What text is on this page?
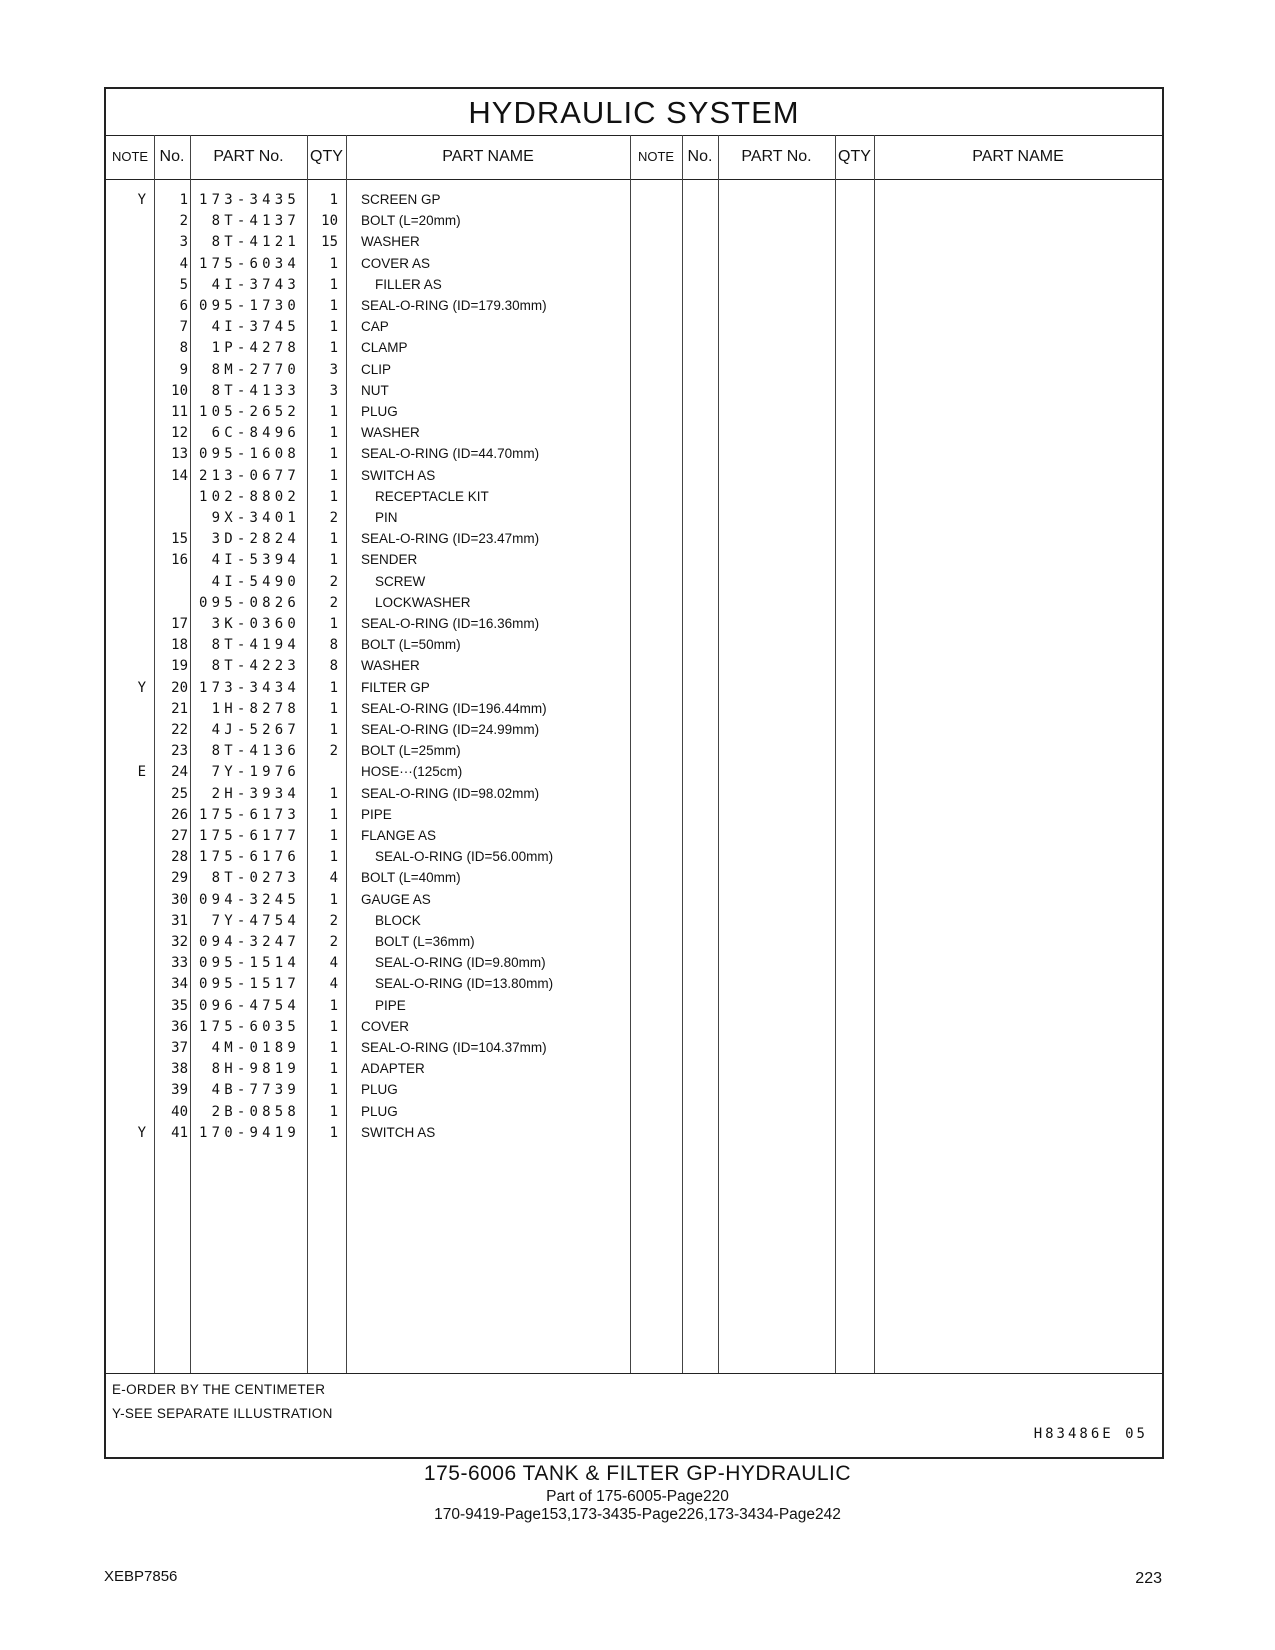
HYDRAULIC SYSTEM
NOTE No.	PART No.	QTY	PART NAME	NOTE No.	PART No.	QTY	PART NAME
Y	1 173-3435	1 SCREEN GP
2	8T-4137	10 BOLT (L=20mm)
3	8T-4121	15 WASHER
4 175-6034	1 COVER AS
5	4I-3743	1	FILLER AS
6 095-1730	1 SEAL-O-RING (ID=179.30mm)
7	4I-3745	1 CAP
8	1P-4278	1 CLAMP
9	8M-2770	3 CLIP
10	8T-4133	3 NUT
11 105-2652	1 PLUG
12	6C-8496	1 WASHER
13 095-1608	1 SEAL-O-RING (ID=44.70mm)
14 213-0677	1 SWITCH AS
102-8802	1	RECEPTACLE KIT
9X-3401	2	PIN
15	3D-2824	1 SEAL-O-RING (ID=23.47mm)
16	4I-5394	1 SENDER
4I-5490	2	SCREW
095-0826	2	LOCKWASHER
17	3K-0360	1 SEAL-O-RING (ID=16.36mm)
18	8T-4194	8 BOLT (L=50mm)
19	8T-4223	8 WASHER
Y	20 173-3434	1 FILTER GP
21	1H-8278	1 SEAL-O-RING (ID=196.44mm)
22	4J-5267	1 SEAL-O-RING (ID=24.99mm)
23	8T-4136	2 BOLT (L=25mm)
E	24	7Y-1976	HOSE···(125cm)
25	2H-3934	1 SEAL-O-RING (ID=98.02mm)
26 175-6173	1 PIPE
27 175-6177	1 FLANGE AS
28 175-6176	1	SEAL-O-RING (ID=56.00mm)
29	8T-0273	4 BOLT (L=40mm)
30 094-3245	1 GAUGE AS
31	7Y-4754	2	BLOCK
32 094-3247	2	BOLT (L=36mm)
33 095-1514	4	SEAL-O-RING (ID=9.80mm)
34 095-1517	4	SEAL-O-RING (ID=13.80mm)
35 096-4754	1	PIPE
36 175-6035	1 COVER
37	4M-0189	1 SEAL-O-RING (ID=104.37mm)
38	8H-9819	1 ADAPTER
39	4B-7739	1 PLUG
40	2B-0858	1 PLUG
Y	41 170-9419	1 SWITCH AS
E-ORDER BY THE CENTIMETER
Y-SEE SEPARATE ILLUSTRATION
H83486E 05
175-6006 TANK & FILTER GP-HYDRAULIC
Part of 175-6005-Page220
170-9419-Page153,173-3435-Page226,173-3434-Page242
XEBP7856	223
